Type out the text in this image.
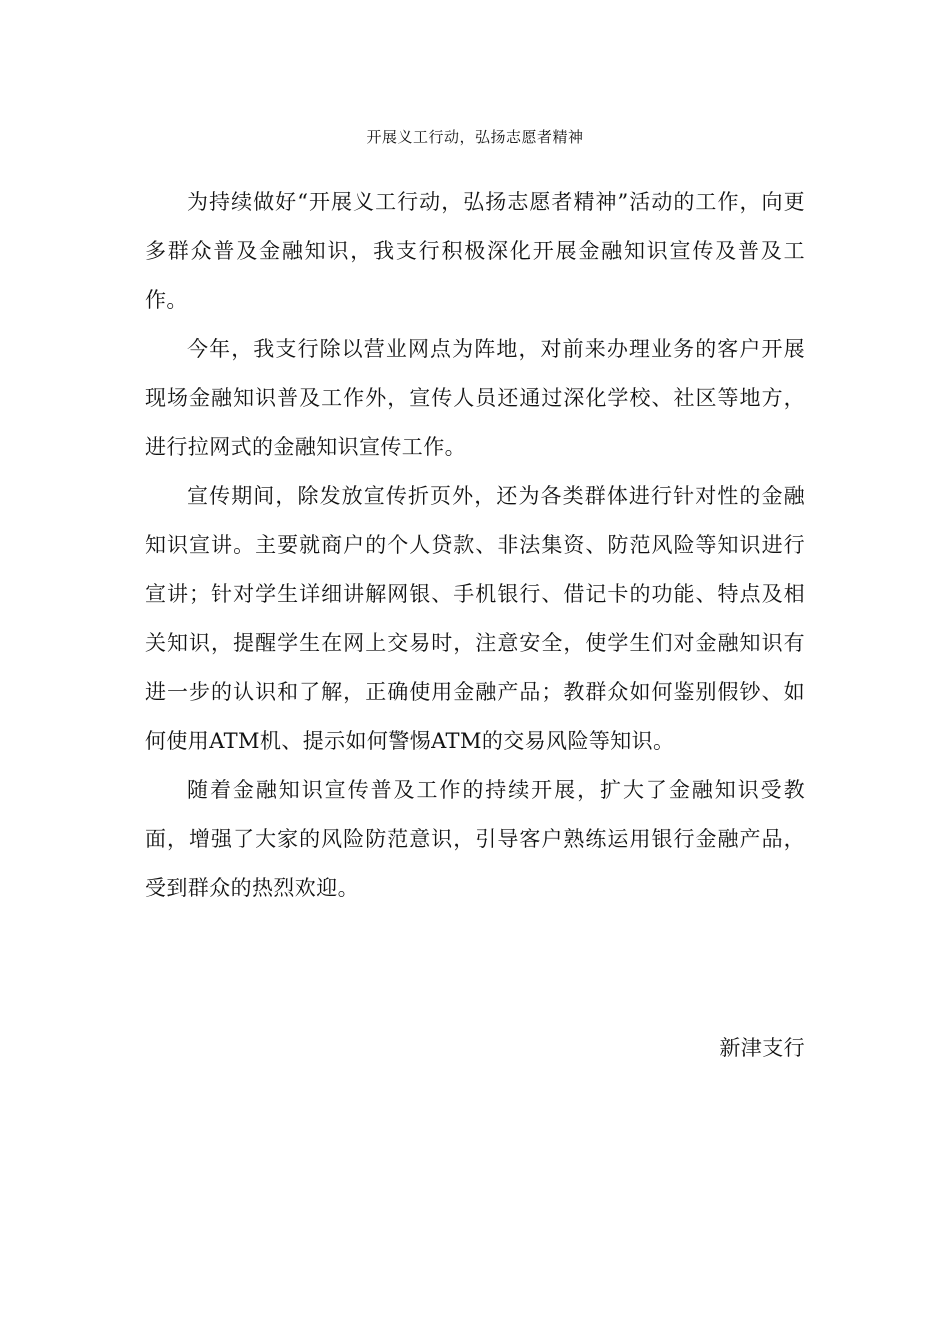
开展义工行动，弘扬志愿者精神

为持续做好“开展义工行动，弘扬志愿者精神”活动的工作，向更多群众普及金融知识，我支行积极深化开展金融知识宣传及普及工作。

今年，我支行除以营业网点为阵地，对前来办理业务的客户开展现场金融知识普及工作外，宣传人员还通过深化学校、社区等地方，进行拉网式的金融知识宣传工作。

宣传期间，除发放宣传折页外，还为各类群体进行针对性的金融知识宣讲。主要就商户的个人贷款、非法集资、防范风险等知识进行宣讲；针对学生详细讲解网银、手机银行、借记卡的功能、特点及相关知识，提醒学生在网上交易时，注意安全，使学生们对金融知识有进一步的认识和了解，正确使用金融产品；教群众如何鉴别假钞、如何使用ATM机、提示如何警惕ATM的交易风险等知识。

随着金融知识宣传普及工作的持续开展，扩大了金融知识受教面，增强了大家的风险防范意识，引导客户熟练运用银行金融产品，受到群众的热烈欢迎。

新津支行
